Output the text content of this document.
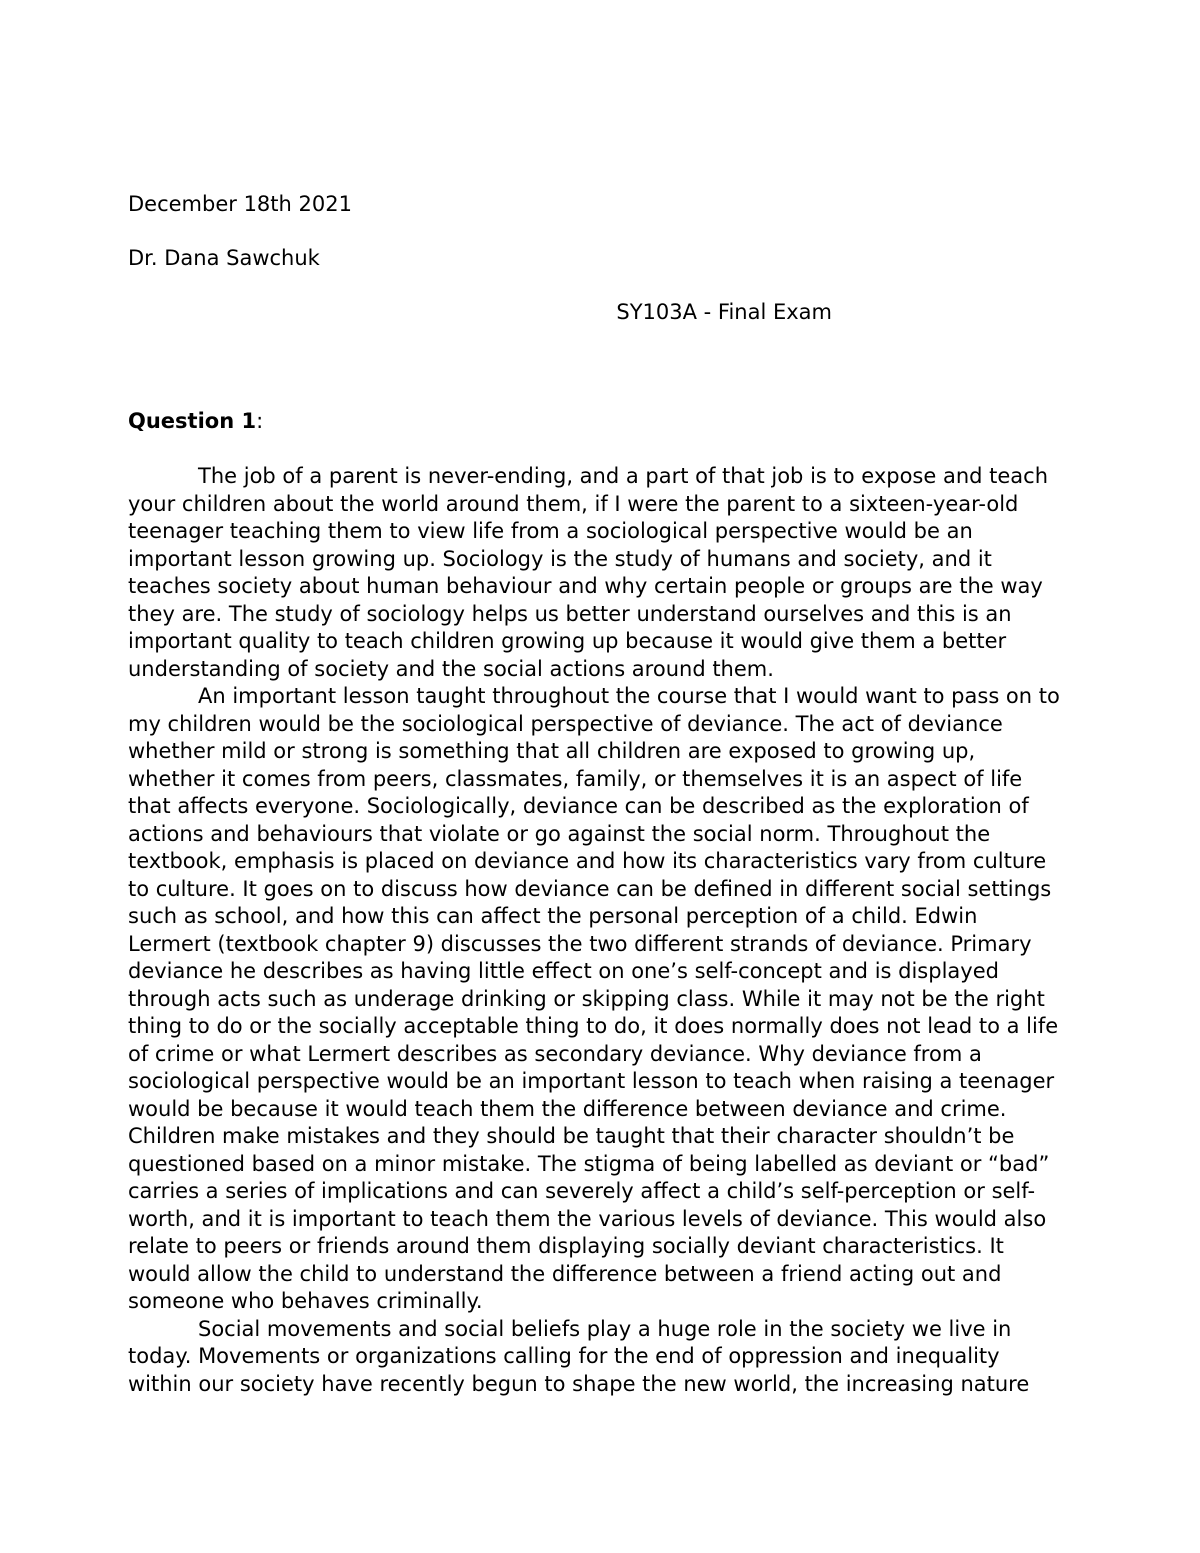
December 18th 2021
Dr. Dana Sawchuk
SY103A - Final Exam
Question 1:
The job of a parent is never-ending, and a part of that job is to expose and teach
your children about the world around them, if I were the parent to a sixteen-year-old
teenager teaching them to view life from a sociological perspective would be an
important lesson growing up. Sociology is the study of humans and society, and it
teaches society about human behaviour and why certain people or groups are the way
they are. The study of sociology helps us better understand ourselves and this is an
important quality to teach children growing up because it would give them a better
understanding of society and the social actions around them.
An important lesson taught throughout the course that I would want to pass on to
my children would be the sociological perspective of deviance. The act of deviance
whether mild or strong is something that all children are exposed to growing up,
whether it comes from peers, classmates, family, or themselves it is an aspect of life
that affects everyone. Sociologically, deviance can be described as the exploration of
actions and behaviours that violate or go against the social norm. Throughout the
textbook, emphasis is placed on deviance and how its characteristics vary from culture
to culture. It goes on to discuss how deviance can be defined in different social settings
such as school, and how this can affect the personal perception of a child. Edwin
Lermert (textbook chapter 9) discusses the two different strands of deviance. Primary
deviance he describes as having little effect on one’s self-concept and is displayed
through acts such as underage drinking or skipping class. While it may not be the right
thing to do or the socially acceptable thing to do, it does normally does not lead to a life
of crime or what Lermert describes as secondary deviance. Why deviance from a
sociological perspective would be an important lesson to teach when raising a teenager
would be because it would teach them the difference between deviance and crime.
Children make mistakes and they should be taught that their character shouldn’t be
questioned based on a minor mistake. The stigma of being labelled as deviant or “bad”
carries a series of implications and can severely affect a child’s self-perception or self-
worth, and it is important to teach them the various levels of deviance. This would also
relate to peers or friends around them displaying socially deviant characteristics. It
would allow the child to understand the difference between a friend acting out and
someone who behaves criminally.
Social movements and social beliefs play a huge role in the society we live in
today. Movements or organizations calling for the end of oppression and inequality
within our society have recently begun to shape the new world, the increasing nature
